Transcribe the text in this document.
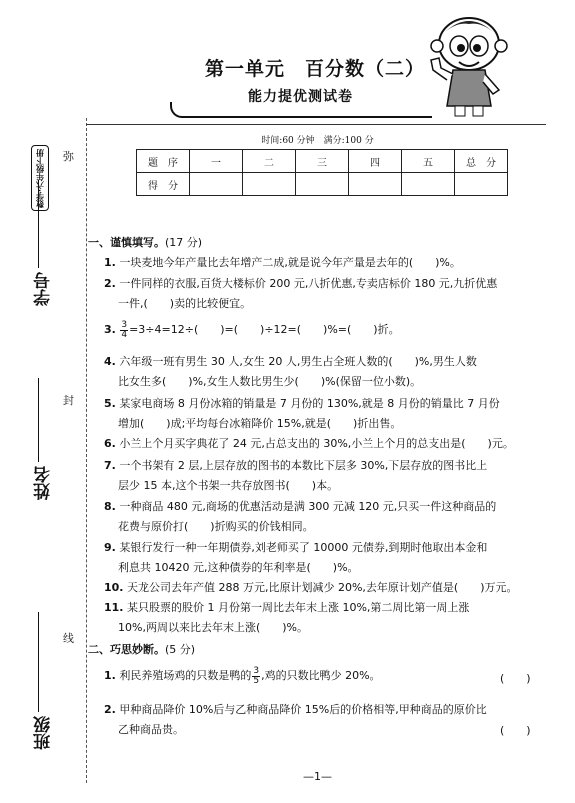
数学·六年级下册
学号
姓名
班级
弥
封
线
第一单元　百分数（二）
能力提优测试卷
时间:60 分钟　满分:100 分
题　序	一	二	三	四	五	总　分
得　分						
一、谨慎填写。(17 分)
1. 一块麦地今年产量比去年增产二成,就是说今年产量是去年的(　　)%。
2. 一件同样的衣服,百货大楼标价 200 元,八折优惠,专卖店标价 180 元,九折优惠
一件,(　　)卖的比较便宜。
3. $\frac{3}{4} =3\div 4=12\div$(　　)=(　　)÷12=(　　)%=(　　)折。
4. 六年级一班有男生 30 人,女生 20 人,男生占全班人数的(　　)%,男生人数
比女生多(　　)%,女生人数比男生少(　　)%(保留一位小数)。
5. 某家电商场 8 月份冰箱的销量是 7 月份的 130%,就是 8 月份的销量比 7 月份
增加(　　)成;平均每台冰箱降价 15%,就是(　　)折出售。
6. 小兰上个月买字典花了 24 元,占总支出的 30%,小兰上个月的总支出是(　　)元。
7. 一个书架有 2 层,上层存放的图书的本数比下层多 30%,下层存放的图书比上
层少 15 本,这个书架一共存放图书(　　)本。
8. 一种商品 480 元,商场的优惠活动是满 300 元减 120 元,只买一件这种商品的
花费与原价打(　　)折购买的价钱相同。
9. 某银行发行一种一年期债券,刘老师买了 10000 元债券,到期时他取出本金和
利息共 10420 元,这种债券的年利率是(　　)%。
10. 天龙公司去年产值 288 万元,比原计划减少 20%,去年原计划产值是(　　)万元。
11. 某只股票的股价 1 月份第一周比去年末上涨 10%,第二周比第一周上涨
10%,两周以来比去年末上涨(　　)%。
二、巧思妙断。(5 分)
1. 利民养殖场鸡的只数是鸭的 $\frac{3}{5}$ ,鸡的只数比鸭少 20%。	(　　)
2. 甲种商品降价 10%后与乙种商品降价 15%后的价格相等,甲种商品的原价比
乙种商品贵。	(　　)
—1—
